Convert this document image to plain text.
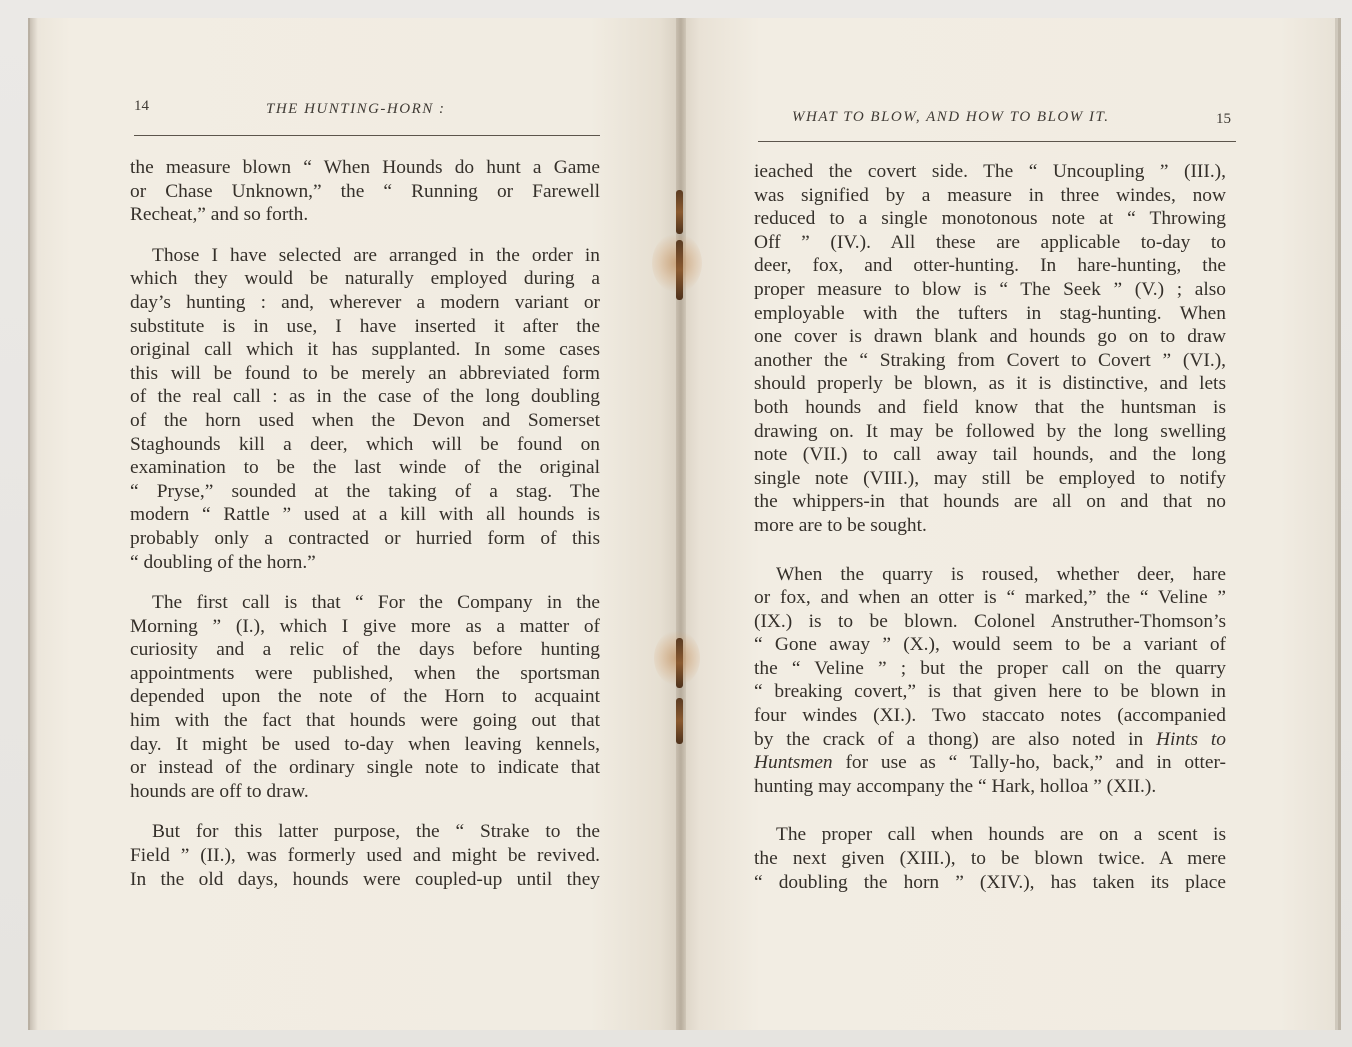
14	THE HUNTING-HORN :

the measure blown “ When Hounds do hunt a Game
or Chase Unknown,” the “ Running or Farewell
Recheat,” and so forth.

Those I have selected are arranged in the order in
which they would be naturally employed during a
day’s hunting : and, wherever a modern variant or
substitute is in use, I have inserted it after the
original call which it has supplanted. In some cases
this will be found to be merely an abbreviated form
of the real call : as in the case of the long doubling
of the horn used when the Devon and Somerset
Staghounds kill a deer, which will be found on
examination to be the last winde of the original
“ Pryse,” sounded at the taking of a stag. The
modern “ Rattle ” used at a kill with all hounds is
probably only a contracted or hurried form of this
“ doubling of the horn.”

The first call is that “ For the Company in the
Morning ” (I.), which I give more as a matter of
curiosity and a relic of the days before hunting
appointments were published, when the sportsman
depended upon the note of the Horn to acquaint
him with the fact that hounds were going out that
day. It might be used to-day when leaving kennels,
or instead of the ordinary single note to indicate that
hounds are off to draw.

But for this latter purpose, the “ Strake to the
Field ” (II.), was formerly used and might be revived.
In the old days, hounds were coupled-up until they

WHAT TO BLOW, AND HOW TO BLOW IT.	15

ieached the covert side. The “ Uncoupling ” (III.),
was signified by a measure in three windes, now
reduced to a single monotonous note at “ Throwing
Off ” (IV.). All these are applicable to-day to
deer, fox, and otter-hunting. In hare-hunting, the
proper measure to blow is “ The Seek ” (V.) ; also
employable with the tufters in stag-hunting. When
one cover is drawn blank and hounds go on to draw
another the “ Straking from Covert to Covert ” (VI.),
should properly be blown, as it is distinctive, and lets
both hounds and field know that the huntsman is
drawing on. It may be followed by the long swelling
note (VII.) to call away tail hounds, and the long
single note (VIII.), may still be employed to notify
the whippers-in that hounds are all on and that no
more are to be sought.

When the quarry is roused, whether deer, hare
or fox, and when an otter is “ marked,” the “ Veline ”
(IX.) is to be blown. Colonel Anstruther-Thomson’s
“ Gone away ” (X.), would seem to be a variant of
the “ Veline ” ; but the proper call on the quarry
“ breaking covert,” is that given here to be blown in
four windes (XI.). Two staccato notes (accompanied
by the crack of a thong) are also noted in Hints to
Huntsmen for use as “ Tally-ho, back,” and in otter-
hunting may accompany the “ Hark, holloa ” (XII.).

The proper call when hounds are on a scent is
the next given (XIII.), to be blown twice. A mere
“ doubling the horn ” (XIV.), has taken its place
